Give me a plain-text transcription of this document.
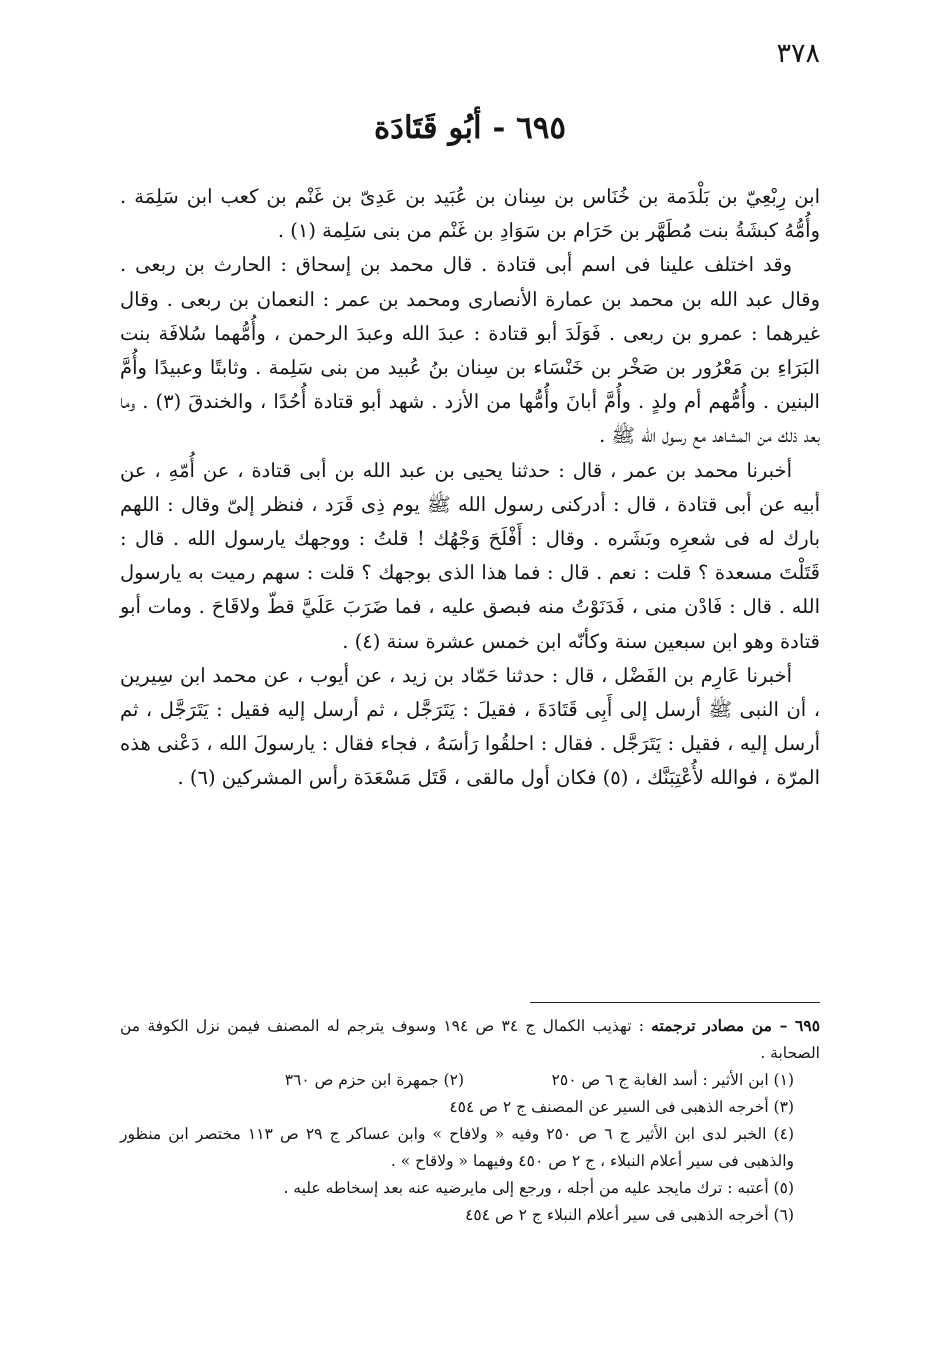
٣٧٨
٦٩٥ - أبُو قَتَادَة

ابن رِبْعِيّ بن بَلْدَمة بن خُنَاس بن سِنان بن عُبَيد بن عَدِىّ بن غَنْم بن كعب ابن سَلِمَة . وأُمُّهُ كبشَةُ بنت مُطَهَّر بن حَرَام بن سَوَادِ بن غَنْم من بنى سَلِمة (١) .

وقد اختلف علينا فى اسم أبى قتادة . قال محمد بن إسحاق : الحارث بن ربعى . وقال عبد الله بن محمد بن عمارة الأنصارى ومحمد بن عمر : النعمان بن ربعى . وقال غيرهما : عمرو بن ربعى . فَوَلَدَ أبو قتادة : عبدَ الله وعبدَ الرحمن ، وأُمُّهما سُلافَة بنت البَرَاءِ بن مَعْرُور بن صَخْر بن خَنْسَاء بن سِنان بنُ عُبيد من بنى سَلِمة . وثابتًا وعبيدًا وأُمَّ البنين . وأُمُّهم أم ولدٍ . وأُمَّ أبانَ وأُمُّها من الأزد . شهد أبو قتادة أُحُدًا ، والخندقَ (٣) . وما بعد ذلك من المشاهد مع رسول الله ﷺ .

أخبرنا محمد بن عمر ، قال : حدثنا يحيى بن عبد الله بن أبى قتادة ، عن أُمّهِ ، عن أبيه عن أبى قتادة ، قال : أدركنى رسول الله ﷺ يوم ذِى قَرَد ، فنظر إلىّ وقال : اللهم بارك له فى شعرِه وبَشَره . وقال : أَفْلَحَ وَجْهُك ! قلتُ : ووجهك يارسول الله . قال : قَتَلْتَ مسعدة ؟ قلت : نعم . قال : فما هذا الذى بوجهك ؟ قلت : سهم رميت به يارسول الله . قال : فَادْن منى ، فَدَنَوْتُ منه فبصق عليه ، فما ضَرَبَ عَلَيَّ قطّ ولاقَاحَ . ومات أبو قتادة وهو ابن سبعين سنة وكأنّه ابن خمس عشرة سنة (٤) .

أخبرنا عَارِم بن الفَضْل ، قال : حدثنا حَمّاد بن زيد ، عن أيوب ، عن محمد ابن سِيرين ، أن النبى ﷺ أرسل إلى أَبِى قَتَادَةَ ، فقيلَ : يَتَرَجَّل ، ثم أرسل إليه فقيل : يَتَرَجَّل ، ثم أرسل إليه ، فقيل : يَتَرَجَّل . فقال : احلقُوا رَأسَهُ ، فجاء فقال : يارسولَ الله ، دَعْنى هذه المرّة ، فوالله لأُعْتِبَنَّك ، (٥) فكان أول مالقى ، قَتَل مَسْعَدَة رأس المشركين (٦) .

٦٩٥ – من مصادر ترجمته : تهذيب الكمال ج ٣٤ ص ١٩٤ وسوف يترجم له المصنف فيمن نزل الكوفة من الصحابة .

(١) ابن الأثير : أسد الغابة ج ٦ ص ٢٥٠
(٢) جمهرة ابن حزم ص ٣٦٠

(٣) أخرجه الذهبى فى السير عن المصنف ج ٢ ص ٤٥٤

(٤) الخبر لدى ابن الأثير ج ٦ ص ٢٥٠ وفيه « ولافاح » وابن عساكر ج ٢٩ ص ١١٣ مختصر ابن منظور والذهبى فى سير أعلام النبلاء ، ج ٢ ص ٤٥٠ وفيهما « ولاقاح » .

(٥) أعتبه : ترك مايجد عليه من أجله ، ورجع إلى مايرضيه عنه بعد إسخاطه عليه .

(٦) أخرجه الذهبى فى سير أعلام النبلاء ج ٢ ص ٤٥٤
